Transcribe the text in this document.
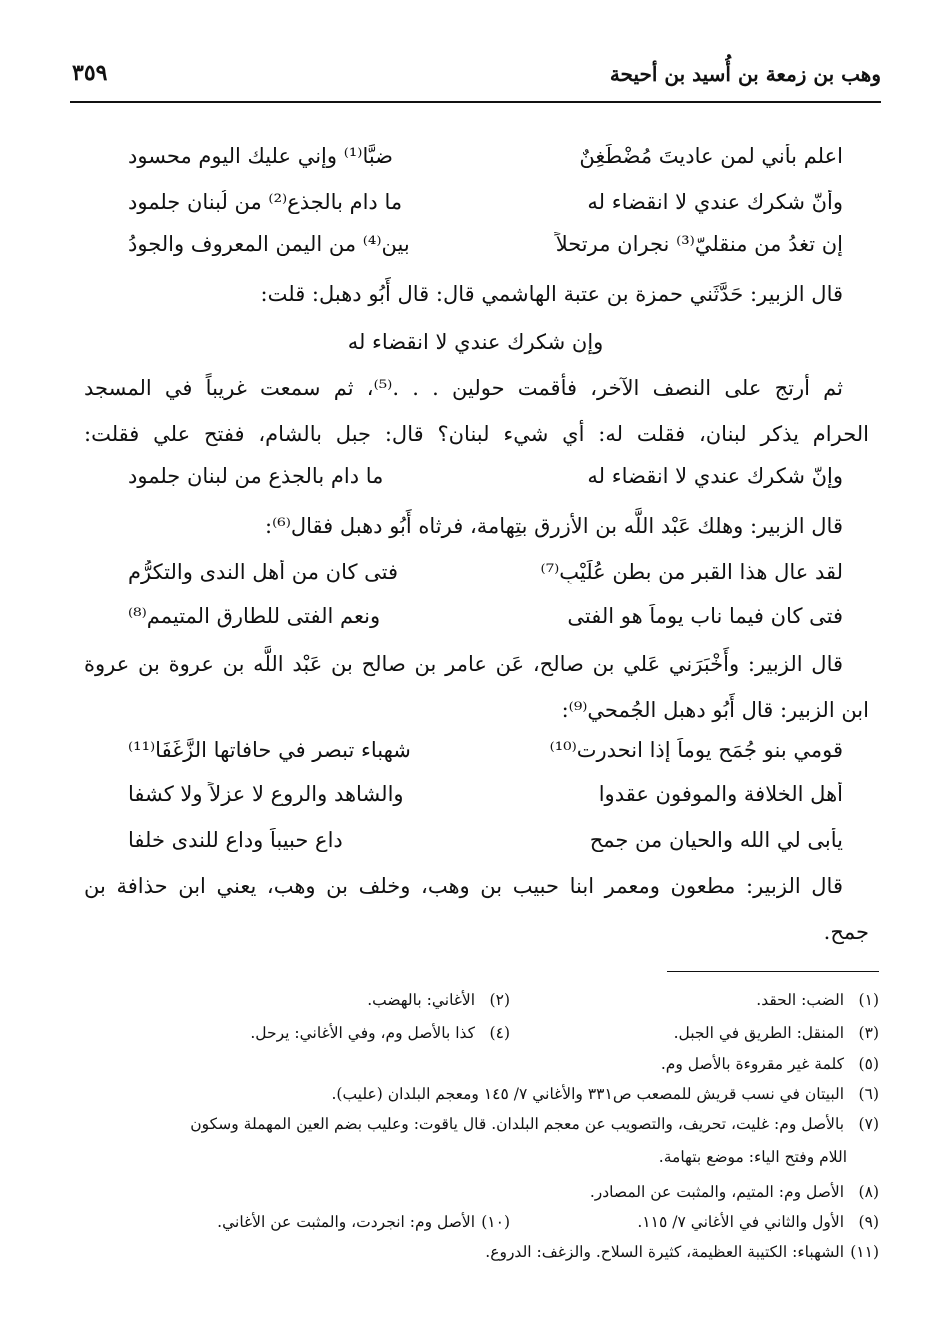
وهب بن زمعة بن أُسيد بن أحيحة
٣٥٩
اعلم بأني لمن عاديتَ مُضْطَغِنٌ
ضبًّا⁽¹⁾ وإني عليك اليوم محسود
وأنّ شكرك عندي لا انقضاء له
ما دام بالجذع⁽²⁾ من لُبنان جلمود
إن تغدُ من منقليّ⁽³⁾ نجران مرتحلاً
بين⁽⁴⁾ من اليمن المعروف والجودُ
قال الزبير: حَدَّثَني حمزة بن عتبة الهاشمي قال: قال أَبُو دهبل: قلت:
وإن شكرك عندي لا انقضاء له
ثم أرتج على النصف الآخر، فأقمت حولين . . .⁽⁵⁾، ثم سمعت غريباً في المسجد
الحرام يذكر لبنان، فقلت له: أي شيء لبنان؟ قال: جبل بالشام، ففتح علي فقلت:
وإنّ شكرك عندي لا انقضاء له
ما دام بالجذع من لبنان جلمود
قال الزبير: وهلك عَبْد اللَّه بن الأزرق بتِهامة، فرثاه أَبُو دهبل فقال⁽⁶⁾:
لقد عال هذا القبر من بطن عُلَيْبِ⁽⁷⁾
فتى كان من أهل الندى والتكرُّم
فتى كان فيما ناب يوماً هو الفتى
ونعم الفتى للطارق المتيمم⁽⁸⁾
قال الزبير: وأَخْبَرَني عَلي بن صالح، عَن عامر بن صالح بن عَبْد اللَّه بن عروة بن عروة
ابن الزبير: قال أَبُو دهبل الجُمحي⁽⁹⁾:
قومي بنو جُمَح يوماً إذا انحدرت⁽¹⁰⁾
شهباء تبصر في حافاتها الزَّغَفَا⁽¹¹⁾
أهل الخلافة والموفون عقدوا
والشاهد والروع لا عزلاً ولا كشفا
يأبى لي الله والحيان من جمح
داع حبيباً وداع للندى خلفا
قال الزبير: مطعون ومعمر ابنا حبيب بن وهب، وخلف بن وهب، يعني ابن حذافة بن
جمح.
(١) الضب: الحقد.
(٢) الأغاني: بالهضب.
(٣) المنقل: الطريق في الجبل.
(٤) كذا بالأصل وم، وفي الأغاني: يرحل.
(٥) كلمة غير مقروءة بالأصل وم.
(٦) البيتان في نسب قريش للمصعب ص٣٣١ والأغاني ٧/ ١٤٥ ومعجم البلدان (عليب).
(٧) بالأصل وم: غليت، تحريف، والتصويب عن معجم البلدان. قال ياقوت: وعليب بضم العين المهملة وسكون
اللام وفتح الياء: موضع بتهامة.
(٨) الأصل وم: المتيم، والمثبت عن المصادر.
(٩) الأول والثاني في الأغاني ٧/ ١١٥.
(١٠) الأصل وم: انجردت، والمثبت عن الأغاني.
(١١) الشهباء: الكتيبة العظيمة، كثيرة السلاح. والزغف: الدروع.
